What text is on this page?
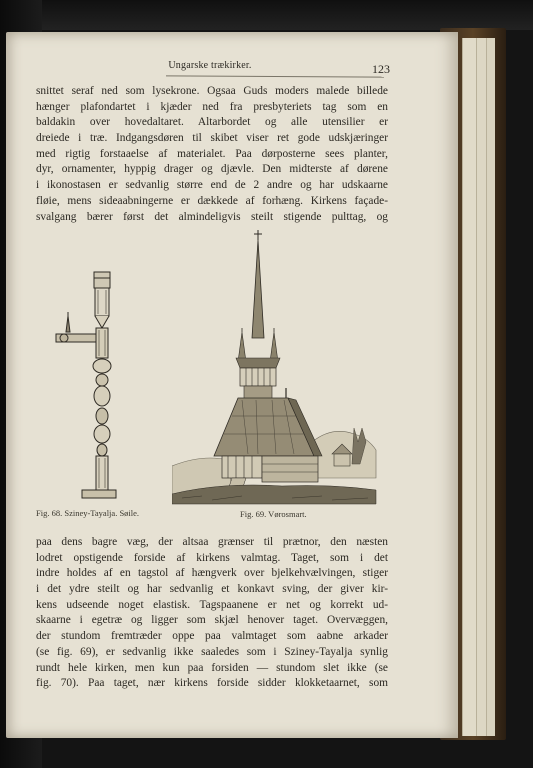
Ungarske trækirker.	123
snittet seraf ned som lysekrone. Ogsaa Guds moders malede billede
hænger plafondartet i kjæder ned fra presbyteriets tag som en
baldakin over hovedaltaret. Altarbordet og alle utensilier er
dreiede i træ. Indgangsdøren til skibet viser ret gode udskjæringer
med rigtig forstaaelse af materialet. Paa dørposterne sees planter,
dyr, ornamenter, hyppig drager og djævle. Den midterste af dørene
i ikonostasen er sedvanlig større end de 2 andre og har udskaarne
fløie, mens sideaabningerne er dækkede af forhæng. Kirkens façade-
svalgang bærer først det almindeligvis steilt stigende pulttag, og
Fig. 68. Sziney-Tayalja. Søile.	Fig. 69. Vørosmart.
paa dens bagre væg, der altsaa grænser til prætnor, den næsten
lodret opstigende forside af kirkens valmtag. Taget, som i det
indre holdes af en tagstol af hængverk over bjelkehvælvingen, stiger
i det ydre steilt og har sedvanlig et konkavt sving, der giver kir-
kens udseende noget elastisk. Tagspaanene er net og korrekt ud-
skaarne i egetræ og ligger som skjæl henover taget. Overvæggen,
der stundom fremtræder oppe paa valmtaget som aabne arkader
(se fig. 69), er sedvanlig ikke saaledes som i Sziney-Tayalja synlig
rundt hele kirken, men kun paa forsiden — stundom slet ikke (se
fig. 70). Paa taget, nær kirkens forside sidder klokketaarnet, som
